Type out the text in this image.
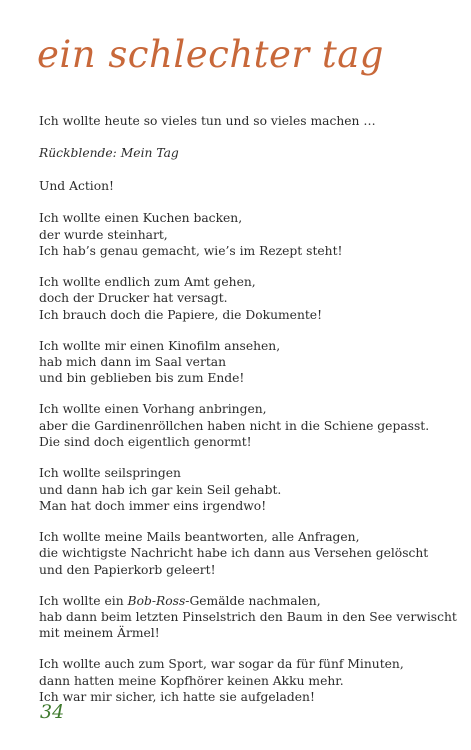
ein schlechter tag

Ich wollte heute so vieles tun und so vieles machen …

Rückblende: Mein Tag

Und Action!

Ich wollte einen Kuchen backen,
der wurde steinhart,
Ich hab’s genau gemacht, wie’s im Rezept steht!
Ich wollte endlich zum Amt gehen,
doch der Drucker hat versagt.
Ich brauch doch die Papiere, die Dokumente!
Ich wollte mir einen Kinofilm ansehen,
hab mich dann im Saal vertan
und bin geblieben bis zum Ende!
Ich wollte einen Vorhang anbringen,
aber die Gardinenröllchen haben nicht in die Schiene gepasst.
Die sind doch eigentlich genormt!
Ich wollte seilspringen
und dann hab ich gar kein Seil gehabt.
Man hat doch immer eins irgendwo!
Ich wollte meine Mails beantworten, alle Anfragen,
die wichtigste Nachricht habe ich dann aus Versehen gelöscht
und den Papierkorb geleert!
Ich wollte ein Bob-Ross-Gemälde nachmalen,
hab dann beim letzten Pinselstrich den Baum in den See verwischt
mit meinem Ärmel!
Ich wollte auch zum Sport, war sogar da für fünf Minuten,
dann hatten meine Kopfhörer keinen Akku mehr.
Ich war mir sicher, ich hatte sie aufgeladen!
34
